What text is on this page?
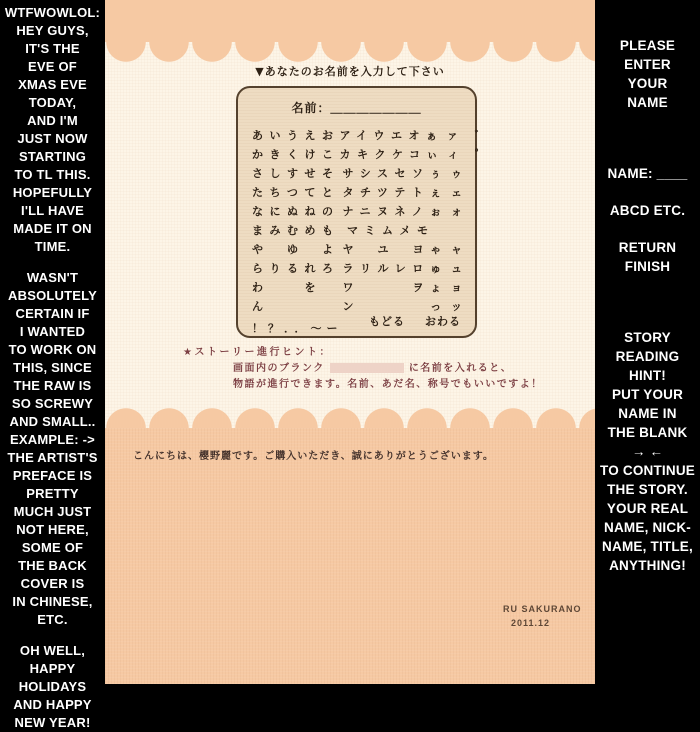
WTFWOWLOL:
HEY GUYS,
IT'S THE
EVE OF
XMAS EVE
TODAY,
AND I'M
JUST NOW
STARTING
TO TL THIS.
HOPEFULLY
I'LL HAVE
MADE IT ON
TIME.
WASN'T
ABSOLUTELY
CERTAIN IF
I WANTED
TO WORK ON
THIS, SINCE
THE RAW IS
SO SCREWY
AND SMALL..
EXAMPLE: ->
THE ARTIST'S
PREFACE IS
PRETTY
MUCH JUST
NOT HERE,
SOME OF
THE BACK
COVER IS
IN CHINESE,
ETC.
OH WELL,
HAPPY
HOLIDAYS
AND HAPPY
NEW YEAR!
▼あなたのお名前を入力して下さい
名前：＿＿＿＿＿＿＿
あいうえお アイウエオ ぁ ァ  ゛
かきくけこ カキクケコ ぃ ィ  ゜
さしすせそ サシスセソ ぅ ゥ
たちつてと タチツテト ぇ ェ
なにぬねの ナニヌネノ ぉ ォ
まみむめも マミムメモ
や　ゆ　よ ヤ　ユ　ヨ ゃ ャ
らりるれろ ラリルレロ ゅ ュ
わ　　を	ワ　　　ヲ ょ ョ
ん	ン	っ ッ
！？．．〜ー
もどる おわる
★ストーリー進行ヒント：
画面内のブランク	に名前を入れると、
物語が進行できます。名前、あだ名、称号でもいいですよ！
こんにちは、櫻野麗です。ご購入いただき、誠にありがとうございます。
RU SAKURANO
2011.12
PLEASE
ENTER
YOUR
NAME
NAME: ____
ABCD ETC.
RETURN
FINISH
STORY
READING
HINT!
PUT YOUR
NAME IN
THE BLANK
→ ←
TO CONTINUE
THE STORY.
YOUR REAL
NAME, NICK-
NAME, TITLE,
ANYTHING!
